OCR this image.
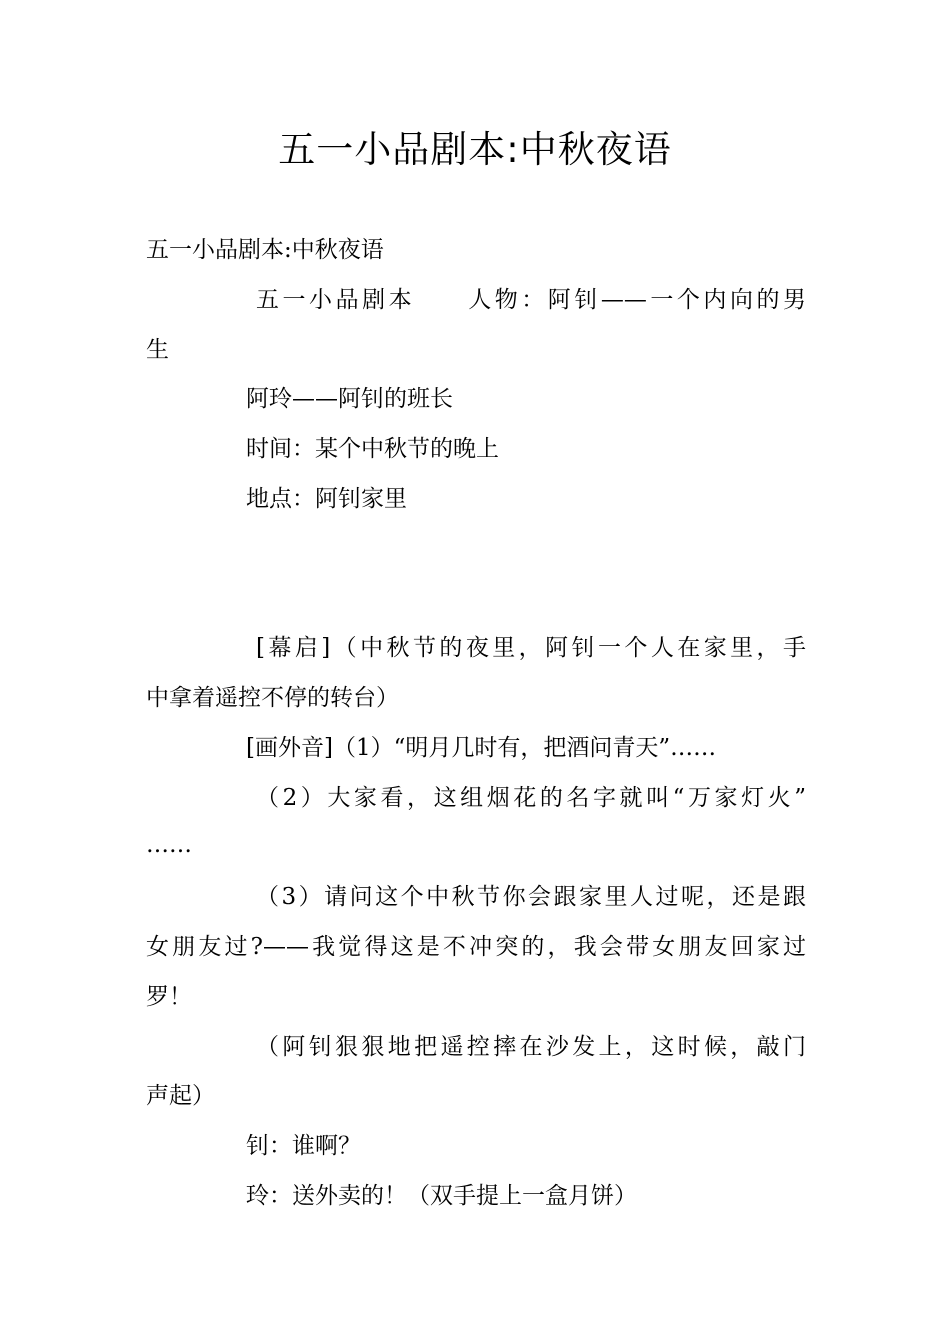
五一小品剧本:中秋夜语
五一小品剧本:中秋夜语
五一小品剧本　　人物：阿钊——一个内向的男
生
阿玲——阿钊的班长
时间：某个中秋节的晚上
地点：阿钊家里
[幕启]（中秋节的夜里，阿钊一个人在家里，手
中拿着遥控不停的转台）
[画外音]（1）“明月几时有，把酒问青天”……
（2）大家看，这组烟花的名字就叫“万家灯火”
……
（3）请问这个中秋节你会跟家里人过呢，还是跟
女朋友过?——我觉得这是不冲突的，我会带女朋友回家过
罗！
（阿钊狠狠地把遥控摔在沙发上，这时候，敲门
声起）
钊：谁啊？
玲：送外卖的！（双手提上一盒月饼）
